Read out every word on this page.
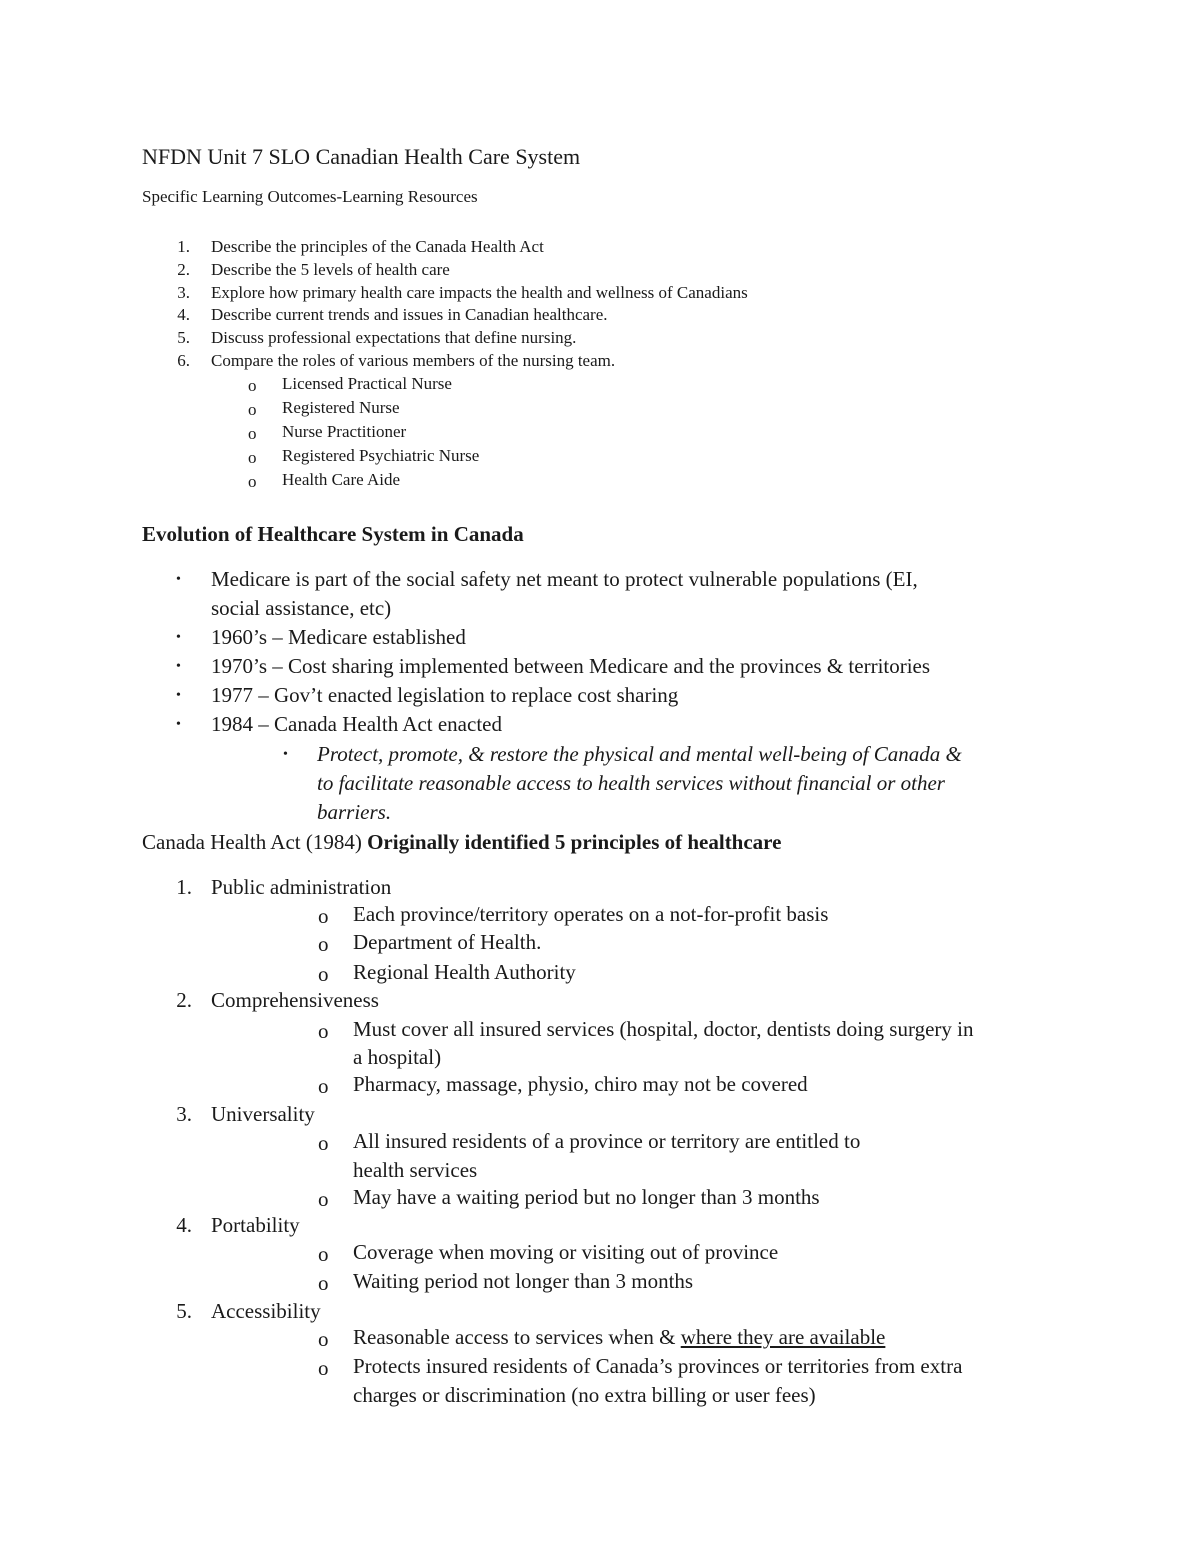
NFDN Unit 7 SLO Canadian Health Care System
Specific Learning Outcomes-Learning Resources
1. Describe the principles of the Canada Health Act
2. Describe the 5 levels of health care
3. Explore how primary health care impacts the health and wellness of Canadians
4. Describe current trends and issues in Canadian healthcare.
5. Discuss professional expectations that define nursing.
6. Compare the roles of various members of the nursing team.
o Licensed Practical Nurse
o Registered Nurse
o Nurse Practitioner
o Registered Psychiatric Nurse
o Health Care Aide
Evolution of Healthcare System in Canada
• Medicare is part of the social safety net meant to protect vulnerable populations (EI,
social assistance, etc)
• 1960’s – Medicare established
• 1970’s – Cost sharing implemented between Medicare and the provinces & territories
• 1977 – Gov’t enacted legislation to replace cost sharing
• 1984 – Canada Health Act enacted
• Protect, promote, & restore the physical and mental well-being of Canada &
to facilitate reasonable access to health services without financial or other
barriers.
Canada Health Act (1984) Originally identified 5 principles of healthcare
1. Public administration
o Each province/territory operates on a not-for-profit basis
o Department of Health.
o Regional Health Authority
2. Comprehensiveness
o Must cover all insured services (hospital, doctor, dentists doing surgery in
a hospital)
o Pharmacy, massage, physio, chiro may not be covered
3. Universality
o All insured residents of a province or territory are entitled to
health services
o May have a waiting period but no longer than 3 months
4. Portability
o Coverage when moving or visiting out of province
o Waiting period not longer than 3 months
5. Accessibility
o Reasonable access to services when & where they are available
o Protects insured residents of Canada’s provinces or territories from extra
charges or discrimination (no extra billing or user fees)
